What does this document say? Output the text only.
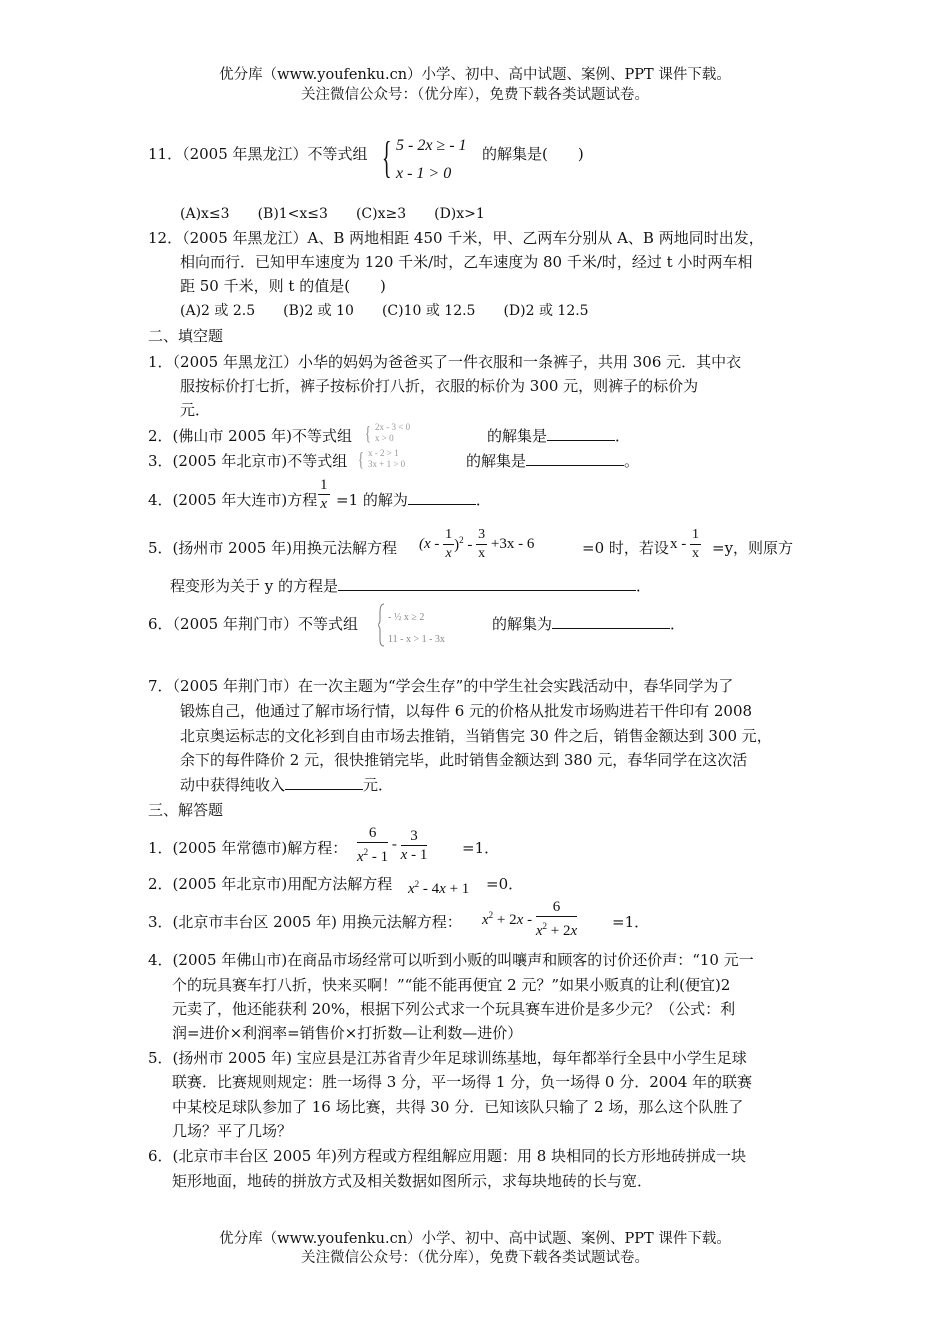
优分库（www.youfenku.cn）小学、初中、高中试题、案例、PPT 课件下载。
关注微信公众号：（优分库），免费下载各类试题试卷。
11．（2005 年黑龙江）不等式组 { 5 - 2x ≥ - 1
x - 1 > 0
的解集是(　　)
(A)x≤3　　(B)1<x≤3　　(C)x≥3　　(D)x>1
12．（2005 年黑龙江）A、B 两地相距 450 千米，甲、乙两车分别从 A、B 两地同时出发，
相向而行．已知甲车速度为 120 千米/时，乙车速度为 80 千米/时，经过 t 小时两车相
距 50 千米，则 t 的值是(　　)
(A)2 或 2.5　　(B)2 或 10　　(C)10 或 12.5　　(D)2 或 12.5
二、填空题
1．（2005 年黑龙江）小华的妈妈为爸爸买了一件衣服和一条裤子，共用 306 元．其中衣
服按标价打七折，裤子按标价打八折，衣服的标价为 300 元，则裤子的标价为
元．
2．(佛山市 2005 年)不等式组 { 2x - 3 < 0
x > 0	的解集是	．
3．(2005 年北京市)不等式组 { x - 2 > 1
3x + 1 > 0	的解集是	。
4．(2005 年大连市)方程 $\frac{1}{x} =1$ 的解为	．
5．(扬州市 2005 年)用换元法解方程 $(x - \frac{1}{x} )^2 - \frac{3}{x} +3x - 6$	=0 时，若设 $x - \frac{1}{x} =y$，则原方
程变形为关于 y 的方程是	．
6．（2005 年荆门市）不等式组	- ½ x ≥ 2
11 - x > 1 - 3x
的解集为	．
7．（2005 年荆门市）在一次主题为“学会生存”的中学生社会实践活动中，春华同学为了
锻炼自己，他通过了解市场行情，以每件 6 元的价格从批发市场购进若干件印有 2008
北京奥运标志的文化衫到自由市场去推销，当销售完 30 件之后，销售金额达到 300 元，
余下的每件降价 2 元，很快推销完毕，此时销售金额达到 380 元，春华同学在这次活
动中获得纯收入	元．
三、解答题
1．(2005 年常德市)解方程： $\frac{6}{x^2 - 1} - \frac{3}{x - 1} =1$．
2．(2005 年北京市)用配方法解方程 $x^2 - 4x + 1 =0$．
3．(北京市丰台区 2005 年) 用换元法解方程： $x^2 + 2x - \frac{6}{x^2 + 2x} =1$．
4．(2005 年佛山市)在商品市场经常可以听到小贩的叫嚷声和顾客的讨价还价声：“10 元一
个的玩具赛车打八折，快来买啊！”“能不能再便宜 2 元？”如果小贩真的让利(便宜)2
元卖了，他还能获利 20%，根据下列公式求一个玩具赛车进价是多少元？（公式：利
润=进价×利润率=销售价×打折数—让利数—进价）
5．(扬州市 2005 年) 宝应县是江苏省青少年足球训练基地，每年都举行全县中小学生足球
联赛．比赛规则规定：胜一场得 3 分，平一场得 1 分，负一场得 0 分．2004 年的联赛
中某校足球队参加了 16 场比赛，共得 30 分．已知该队只输了 2 场，那么这个队胜了
几场？平了几场？
6．(北京市丰台区 2005 年)列方程或方程组解应用题：用 8 块相同的长方形地砖拼成一块
矩形地面，地砖的拼放方式及相关数据如图所示，求每块地砖的长与宽．
优分库（www.youfenku.cn）小学、初中、高中试题、案例、PPT 课件下载。
关注微信公众号：（优分库），免费下载各类试题试卷。
